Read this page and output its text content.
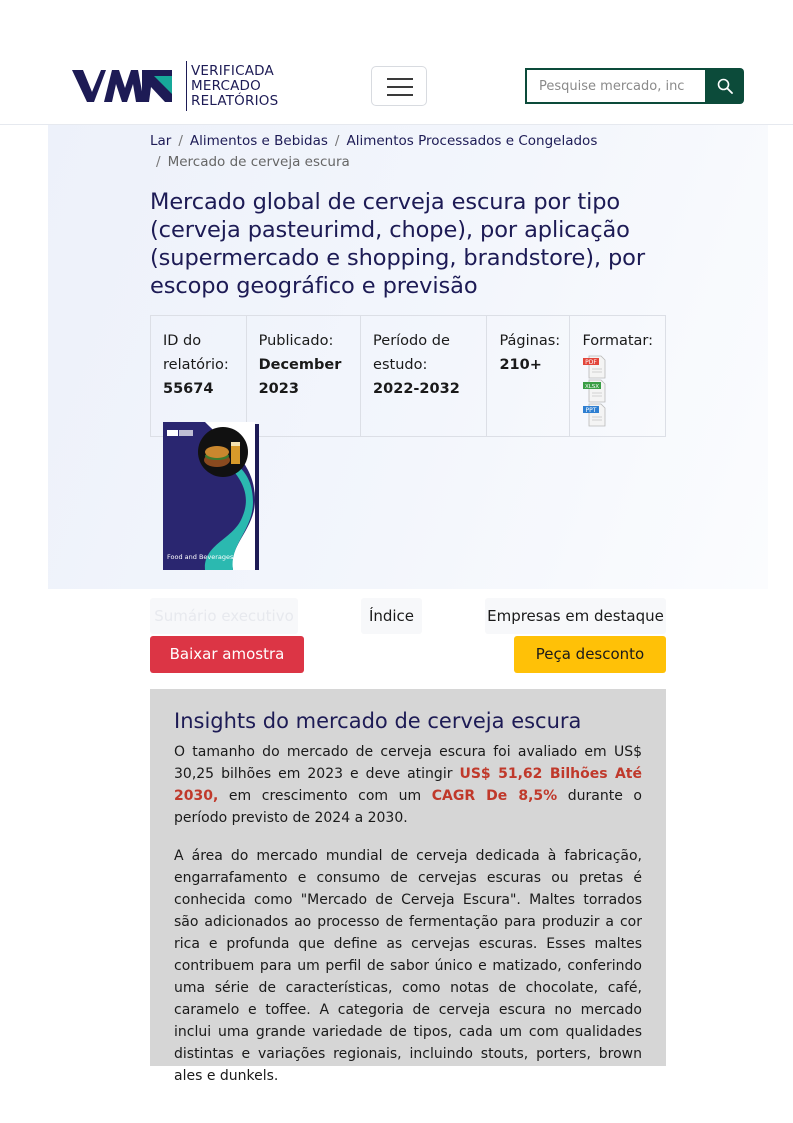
VERIFICADA
MERCADO
RELATÓRIOS
Pesquise mercado, inc
Lar / Alimentos e Bebidas / Alimentos Processados e Congelados
/ Mercado de cerveja escura
Mercado global de cerveja escura por tipo (cerveja pasteurimd, chope), por aplicação (supermercado e shopping, brandstore), por escopo geográfico e previsão
ID do relatório:
55674
Publicado:
December 2023
Período de estudo: 2022-2032
Páginas:
210+
Formatar:
PDF
XLSX
PPT
Food and Beverages
Sumário executivo	Índice	Empresas em destaque
Baixar amostra	Peça desconto
Insights do mercado de cerveja escura

O tamanho do mercado de cerveja escura foi avaliado em US$ 30,25 bilhões em 2023 e deve atingir US$ 51,62 Bilhões Até 2030, em crescimento com um CAGR De 8,5% durante o período previsto de 2024 a 2030.

A área do mercado mundial de cerveja dedicada à fabricação, engarrafamento e consumo de cervejas escuras ou pretas é conhecida como "Mercado de Cerveja Escura". Maltes torrados são adicionados ao processo de fermentação para produzir a cor rica e profunda que define as cervejas escuras. Esses maltes contribuem para um perfil de sabor único e matizado, conferindo uma série de características, como notas de chocolate, café, caramelo e toffee. A categoria de cerveja escura no mercado inclui uma grande variedade de tipos, cada um com qualidades distintas e variações regionais, incluindo stouts, porters, brown ales e dunkels.
